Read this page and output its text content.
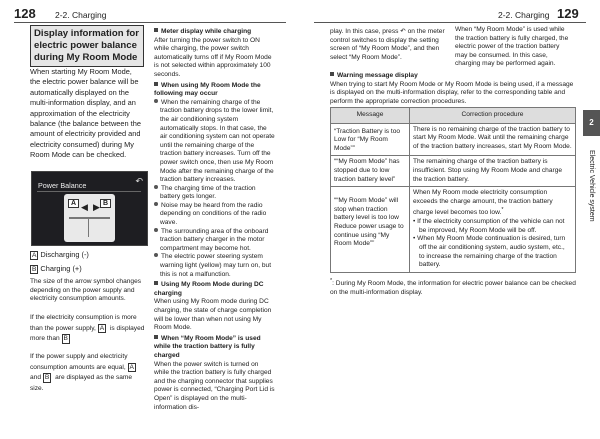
128 2-2. Charging	2-2. Charging 129
Display information for electric power balance during My Room Mode
When starting My Room Mode, the electric power balance will be automatically displayed on the multi-information display, and an approximation of the electricity balance (the balance between the amount of electricity provided and electricity consumed) during My Room Mode can be checked.
Power Balance	↶
A ◀ ▶ B
A Discharging (-)
B Charging (+)
The size of the arrow symbol changes depending on the power supply and electricity consumption amounts.
If the electricity consumption is more than the power supply, A is displayed more than B
If the power supply and electricity consumption amounts are equal, A and B are displayed as the same size.
Meter display while charging
After turning the power switch to ON while charging, the power switch automatically turns off if My Room Mode is not selected within approximately 100 seconds.
When using My Room Mode the following may occur
When the remaining charge of the traction battery drops to the lower limit, the air conditioning system automatically stops. In that case, the air conditioning system can not operate until the remaining charge of the traction battery increases. Turn off the power switch once, then use My Room Mode after the remaining charge of the traction battery increases.
The charging time of the traction battery gets longer.
Noise may be heard from the radio depending on conditions of the radio wave.
The surrounding area of the onboard traction battery charger in the motor compartment may become hot.
The electric power steering system warning light (yellow) may turn on, but this is not a malfunction.
Using My Room Mode during DC charging
When using My Room mode during DC charging, the state of charge completion will be lower than when not using My Room Mode.
When “My Room Mode” is used while the traction battery is fully charged
When the power switch is turned on while the traction battery is fully charged and the charging connector that supplies power is connected, “Charging Port Lid is Open” is displayed on the multi-information dis-
play. In this case, press ↶ on the meter control switches to display the setting screen of “My Room Mode”, and then select “My Room Mode”.
When “My Room Mode” is used while the traction battery is fully charged, the electric power of the traction battery may be consumed. In this case, charging may be performed again.
Warning message display
When trying to start My Room Mode or My Room Mode is being used, if a message is displayed on the multi-information display, refer to the corresponding table and perform the appropriate correction procedures.
Message	Correction procedure
“Traction Battery is too Low for “My Room Mode””	There is no remaining charge of the traction battery to start My Room Mode. Wait until the remaining charge of the traction battery increases, start My Room Mode.
““My Room Mode” has stopped due to low traction battery level”	The remaining charge of the traction battery is insufficient. Stop using My Room Mode and charge the traction battery.
““My Room Mode” will stop when traction battery level is too low Reduce power usage to continue using “My Room Mode””	When My Room mode electricity consumption exceeds the charge amount, the traction battery charge level becomes too low.*
• If the electricity consumption of the vehicle can not be improved, My Room Mode will be off.
• When My Room Mode continuation is desired, turn off the air conditioning system, audio system, etc., to increase the remaining charge of the traction battery.
*: During My Room Mode, the information for electric power balance can be checked on the multi-information display.
2
Electric Vehicle system
